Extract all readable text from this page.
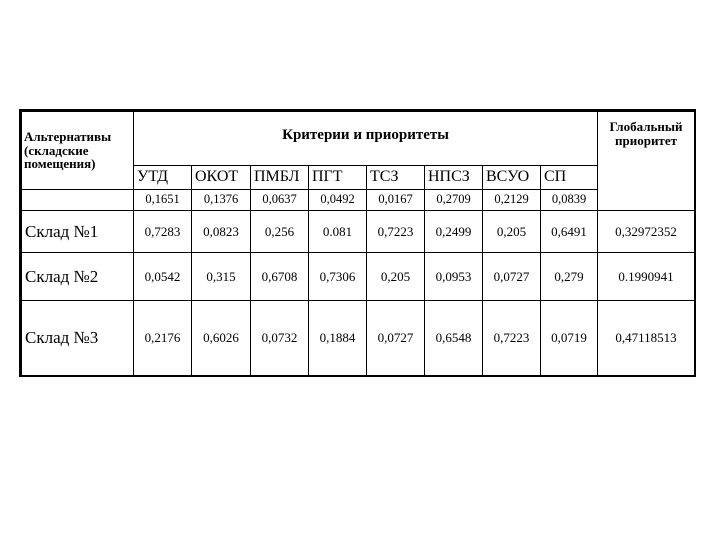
Альтернативы (складские помещения)	Критерии и приоритеты								Глобальный приоритет
	УТД	ОКОТ	ПМБЛ	ПГТ	ТСЗ	НПСЗ	ВСУО	СП	
	0,1651	0,1376	0,0637	0,0492	0,0167	0,2709	0,2129	0,0839	
Склад №1	0,7283	0,0823	0,256	0.081	0,7223	0,2499	0,205	0,6491	0,32972352
Склад №2	0,0542	0,315	0,6708	0,7306	0,205	0,0953	0,0727	0,279	0.1990941
Склад №3	0,2176	0,6026	0,0732	0,1884	0,0727	0,6548	0,7223	0,0719	0,47118513
